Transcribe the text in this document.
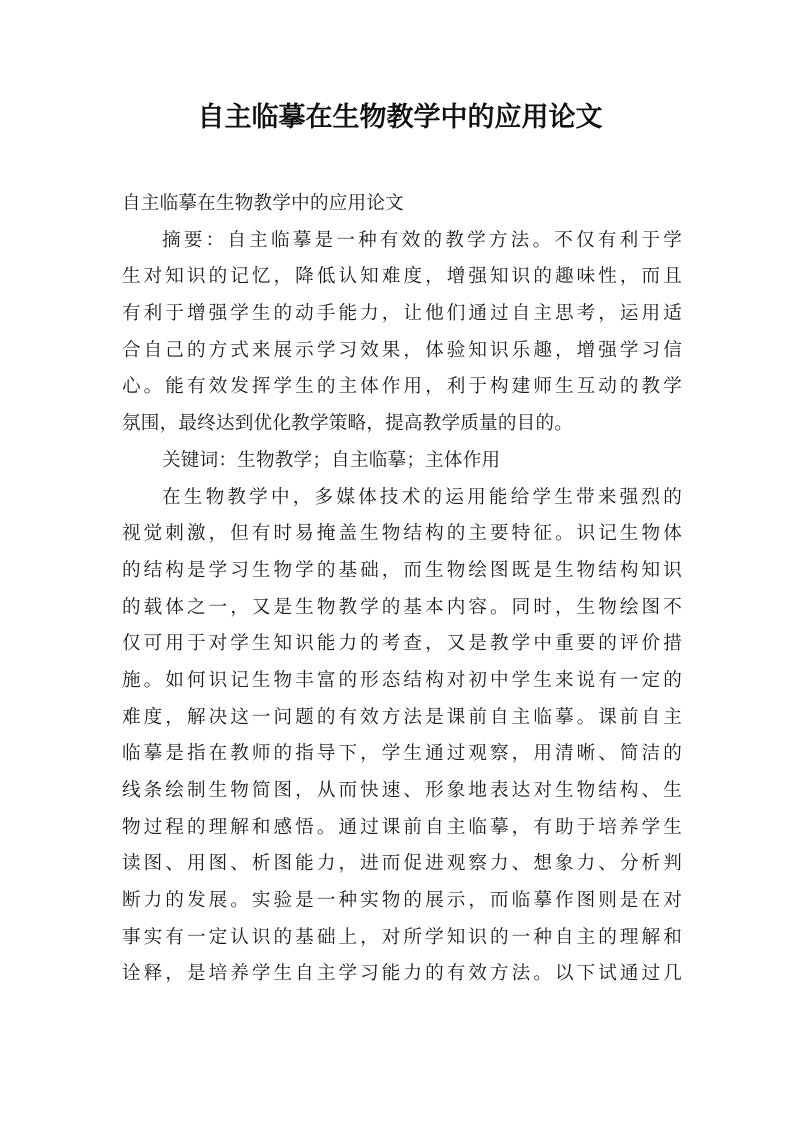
自主临摹在生物教学中的应用论文

自主临摹在生物教学中的应用论文

摘要：自主临摹是一种有效的教学方法。不仅有利于学

生对知识的记忆，降低认知难度，增强知识的趣味性，而且

有利于增强学生的动手能力，让他们通过自主思考，运用适

合自己的方式来展示学习效果，体验知识乐趣，增强学习信

心。能有效发挥学生的主体作用，利于构建师生互动的教学

氛围，最终达到优化教学策略，提高教学质量的目的。

关键词：生物教学；自主临摹；主体作用

在生物教学中，多媒体技术的运用能给学生带来强烈的

视觉刺激，但有时易掩盖生物结构的主要特征。识记生物体

的结构是学习生物学的基础，而生物绘图既是生物结构知识

的载体之一，又是生物教学的基本内容。同时，生物绘图不

仅可用于对学生知识能力的考查，又是教学中重要的评价措

施。如何识记生物丰富的形态结构对初中学生来说有一定的

难度，解决这一问题的有效方法是课前自主临摹。课前自主

临摹是指在教师的指导下，学生通过观察，用清晰、简洁的

线条绘制生物简图，从而快速、形象地表达对生物结构、生

物过程的理解和感悟。通过课前自主临摹，有助于培养学生

读图、用图、析图能力，进而促进观察力、想象力、分析判

断力的发展。实验是一种实物的展示，而临摹作图则是在对

事实有一定认识的基础上，对所学知识的一种自主的理解和

诠释，是培养学生自主学习能力的有效方法。以下试通过几
